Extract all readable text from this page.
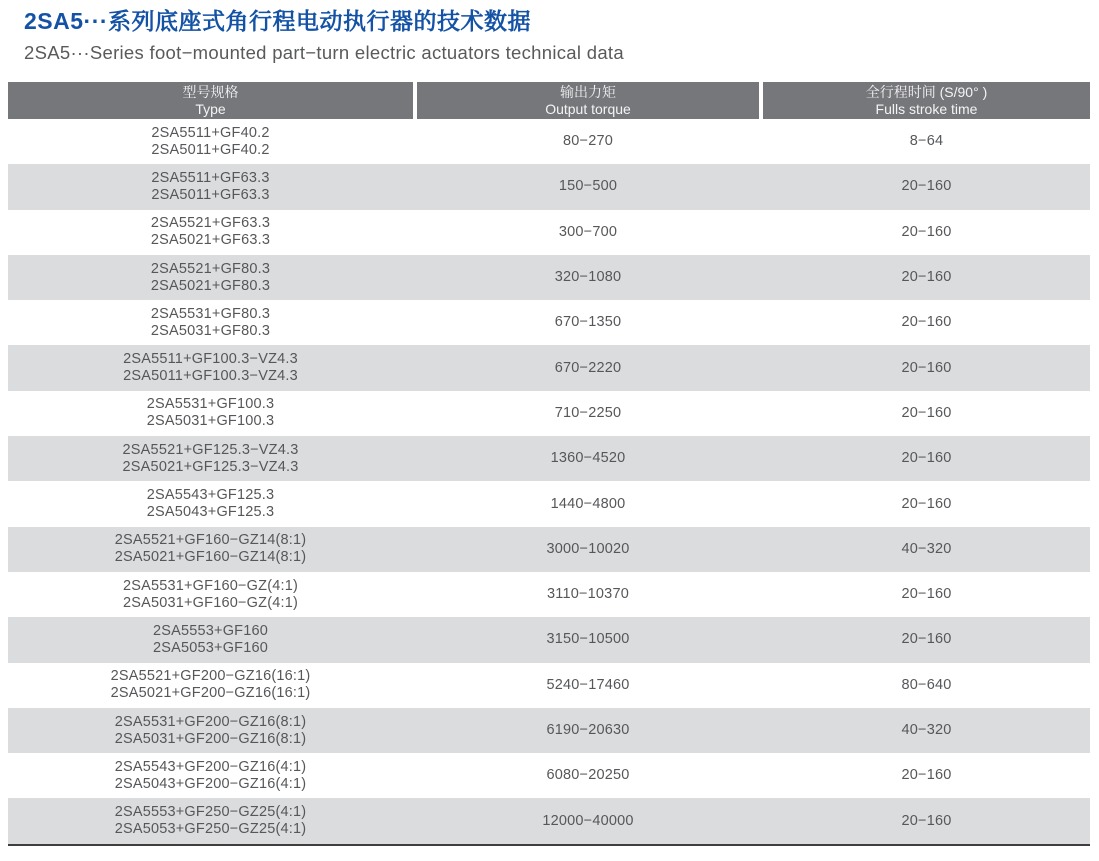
2SA5···系列底座式角行程电动执行器的技术数据
2SA5···Series foot−mounted part−turn electric actuators technical data
型号规格
Type
输出力矩
Output torque
全行程时间 (S/90° )
Fulls stroke time
2SA5511+GF40.2
2SA5011+GF40.2
80−270	8−64
2SA5511+GF63.3
2SA5011+GF63.3
150−500	20−160
2SA5521+GF63.3
2SA5021+GF63.3
300−700	20−160
2SA5521+GF80.3
2SA5021+GF80.3
320−1080	20−160
2SA5531+GF80.3
2SA5031+GF80.3
670−1350	20−160
2SA5511+GF100.3−VZ4.3
2SA5011+GF100.3−VZ4.3
670−2220	20−160
2SA5531+GF100.3
2SA5031+GF100.3
710−2250	20−160
2SA5521+GF125.3−VZ4.3
2SA5021+GF125.3−VZ4.3
1360−4520	20−160
2SA5543+GF125.3
2SA5043+GF125.3
1440−4800	20−160
2SA5521+GF160−GZ14(8:1)
2SA5021+GF160−GZ14(8:1)
3000−10020	40−320
2SA5531+GF160−GZ(4:1)
2SA5031+GF160−GZ(4:1)
3110−10370	20−160
2SA5553+GF160
2SA5053+GF160
3150−10500	20−160
2SA5521+GF200−GZ16(16:1)
2SA5021+GF200−GZ16(16:1)
5240−17460	80−640
2SA5531+GF200−GZ16(8:1)
2SA5031+GF200−GZ16(8:1)
6190−20630	40−320
2SA5543+GF200−GZ16(4:1)
2SA5043+GF200−GZ16(4:1)
6080−20250	20−160
2SA5553+GF250−GZ25(4:1)
2SA5053+GF250−GZ25(4:1)
12000−40000	20−160
